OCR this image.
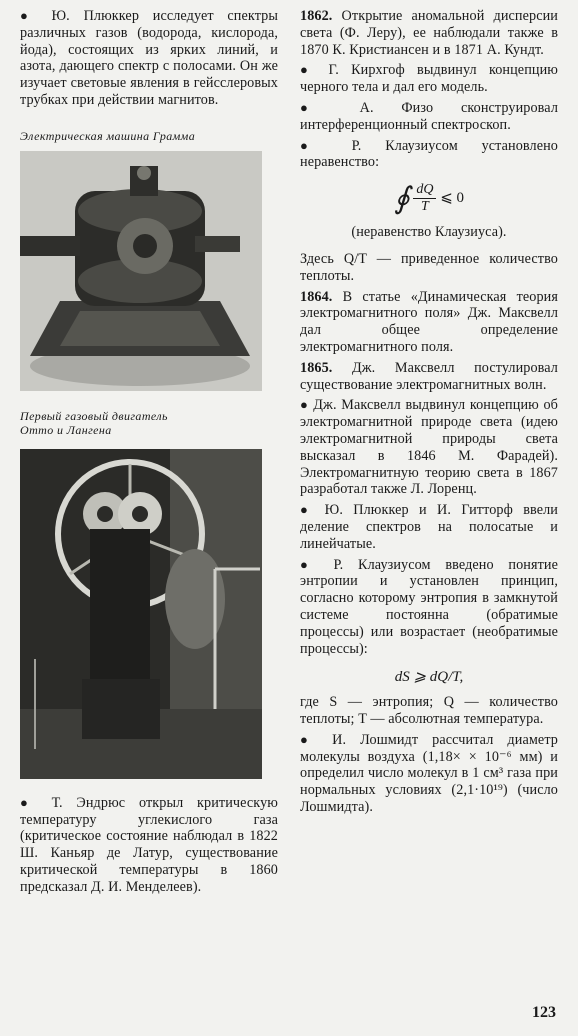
● Ю. Плюккер исследует спектры различных газов (водорода, кислорода, йода), состоящих из ярких линий, и азота, дающего спектр с полосами. Он же изучает световые явления в гейсслеровых трубках при действии магнитов.

Электрическая машина Грамма

Первый газовый двигатель

Отто и Лангена

● Т. Эндрюс открыл критическую температуру углекислого газа (критическое состояние наблюдал в 1822 Ш. Каньяр де Латур, существование критической температуры в 1860 предсказал Д. И. Менделеев).

1862. Открытие аномальной дисперсии света (Ф. Леру), ее наблюдали также в 1870 К. Кристиансен и в 1871 А. Кундт.

● Г. Кирхгоф выдвинул концепцию черного тела и дал его модель.

● А. Физо сконструировал интерференционный спектроскоп.

● Р. Клаузиусом установлено неравенство:

∮ $\frac{dQ}{T}$ ⩽ 0

(неравенство Клаузиуса).

Здесь Q/T — приведенное количество теплоты.

1864. В статье «Динамическая теория электромагнитного поля» Дж. Максвелл дал общее определение электромагнитного поля.

1865. Дж. Максвелл постулировал существование электромагнитных волн.

● Дж. Максвелл выдвинул концепцию об электромагнитной природе света (идею электромагнитной природы света высказал в 1846 М. Фарадей). Электромагнитную теорию света в 1867 разработал также Л. Лоренц.

● Ю. Плюккер и И. Гитторф ввели деление спектров на полосатые и линейчатые.

● Р. Клаузиусом введено понятие энтропии и установлен принцип, согласно которому энтропия в замкнутой системе постоянна (обратимые процессы) или возрастает (необратимые процессы):

dS ⩾ dQ/T,

где S — энтропия; Q — количество теплоты; T — абсолютная температура.

● И. Лошмидт рассчитал диаметр молекулы воздуха (1,18× × 10⁻⁶ мм) и определил число молекул в 1 см³ газа при нормальных условиях (2,1·10¹⁹) (число Лошмидта).

123
